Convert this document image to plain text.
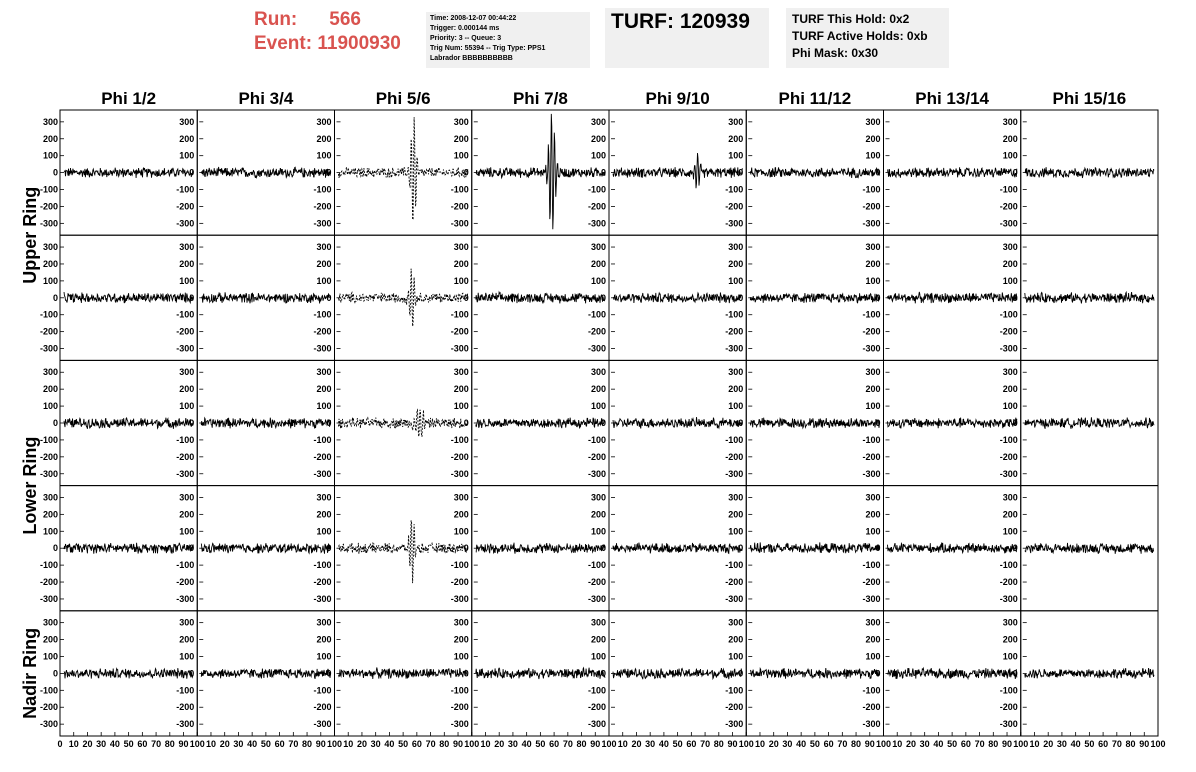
Run: 566
Event: 11900930
Time: 2008-12-07 00:44:22
Trigger: 0.000144 ms
Priority: 3 -- Queue: 3
Trig Num: 55394 -- Trig Type: PPS1
Labrador BBBBBBBBBB
TURF: 120939	TURF This Hold: 0x2
TURF Active Holds: 0xb
Phi Mask: 0x30
Phi 1/2	Phi 3/4	Phi 5/6	Phi 7/8	Phi 9/10	Phi 11/12	Phi 13/14	Phi 15/16
Upper Ring
Lower Ring
Nadir Ring
300
200
100
0
-100
-200
-300
300
200
100
0
-100
-200
-300
300
200
100
0
-100
-200
-300
300
200
100
0
-100
-200
-300
300
200
100
0
-100
-200
-300
300
200
100
0
-100
-200
-300
300
200
100
0
-100
-200
-300
300
200
100
0
-100
-200
-300
300
200
100
0
-100
-200
-300
300
200
100
0
-100
-200
-300
300
200
100
0
-100
-200
-300
300
200
100
0
-100
-200
-300
300
200
100
0
-100
-200
-300
300
200
100
0
-100
-200
-300
300
200
100
0
-100
-200
-300
300
200
100
0
-100
-200
-300
300
200
100
0
-100
-200
-300
300
200
100
0
-100
-200
-300
300
200
100
0
-100
-200
-300
300
200
100
0
-100
-200
-300
300
200
100
0
-100
-200
-300
300
200
100
0
-100
-200
-300
300
200
100
0
-100
-200
-300
300
200
100
0
-100
-200
-300
300
200
100
0
-100
-200
-300
300
200
100
0
-100
-200
-300
300
200
100
0
-100
-200
-300
300
200
100
0
-100
-200
-300
300
200
100
0
-100
-200
-300
300
200
100
0
-100
-200
-300
300
200
100
0
-100
-200
-300
300
200
100
0
-100
-200
-300
300
200
100
0
-100
-200
-300
0 10 20 30 40 50 60 70 80 90 100
300
200
100
0
-100
-200
-300
10 20 30 40 50 60 70 80 90 100
300
200
100
0
-100
-200
-300
10 20 30 40 50 60 70 80 90 100
300
200
100
0
-100
-200
-300
10 20 30 40 50 60 70 80 90 100
300
200
100
0
-100
-200
-300
10 20 30 40 50 60 70 80 90 100
300
200
100
0
-100
-200
-300
10 20 30 40 50 60 70 80 90 100
300
200
100
0
-100
-200
-300
10 20 30 40 50 60 70 80 90 100
300
200
100
0
-100
-200
-300
10 20 30 40 50 60 70 80 90 100
